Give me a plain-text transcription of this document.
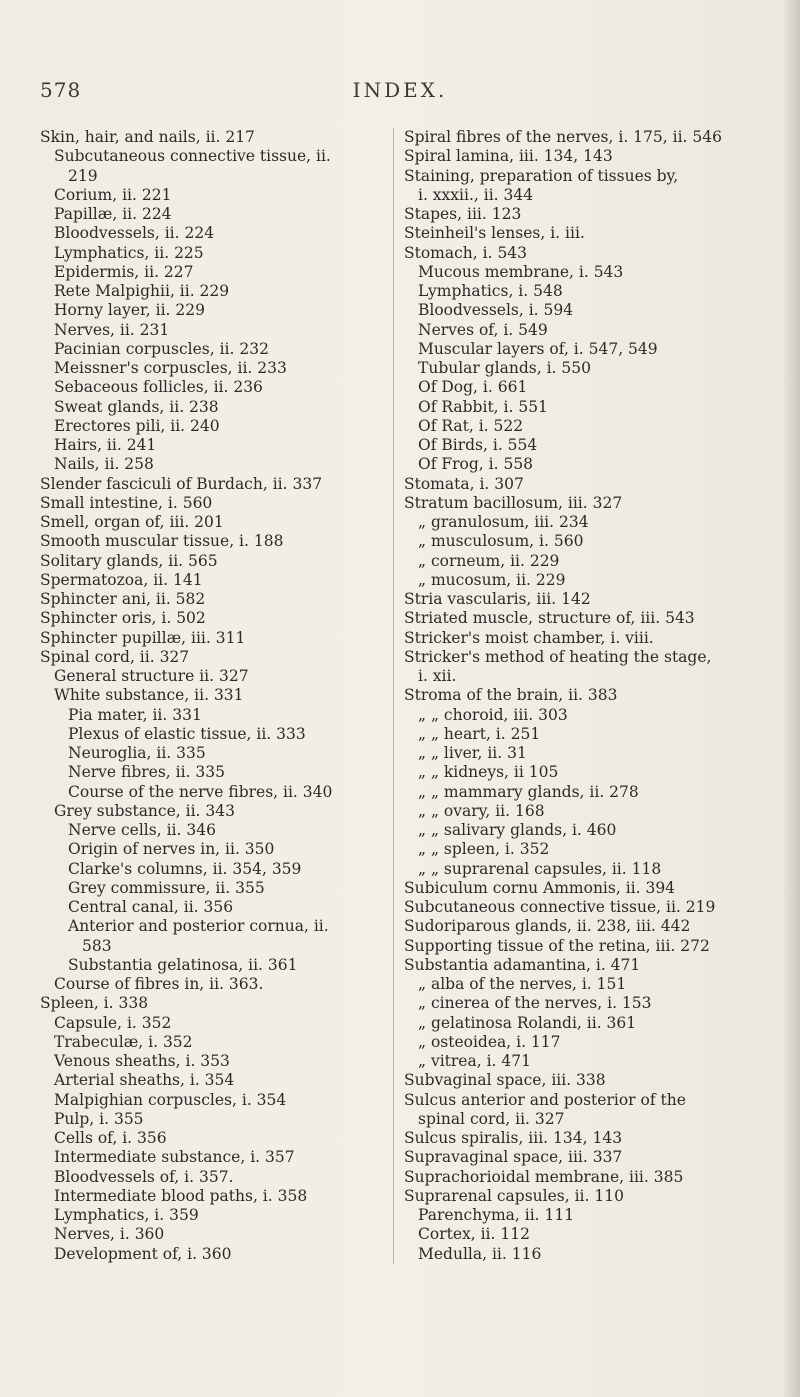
578	INDEX.
Skin, hair, and nails, ii. 217
Subcutaneous connective tissue, ii.
219
Corium, ii. 221
Papillæ, ii. 224
Bloodvessels, ii. 224
Lymphatics, ii. 225
Epidermis, ii. 227
Rete Malpighii, ii. 229
Horny layer, ii. 229
Nerves, ii. 231
Pacinian corpuscles, ii. 232
Meissner's corpuscles, ii. 233
Sebaceous follicles, ii. 236
Sweat glands, ii. 238
Erectores pili, ii. 240
Hairs, ii. 241
Nails, ii. 258
Slender fasciculi of Burdach, ii. 337
Small intestine, i. 560
Smell, organ of, iii. 201
Smooth muscular tissue, i. 188
Solitary glands, ii. 565
Spermatozoa, ii. 141
Sphincter ani, ii. 582
Sphincter oris, i. 502
Sphincter pupillæ, iii. 311
Spinal cord, ii. 327
General structure ii. 327
White substance, ii. 331
Pia mater, ii. 331
Plexus of elastic tissue, ii. 333
Neuroglia, ii. 335
Nerve fibres, ii. 335
Course of the nerve fibres, ii. 340
Grey substance, ii. 343
Nerve cells, ii. 346
Origin of nerves in, ii. 350
Clarke's columns, ii. 354, 359
Grey commissure, ii. 355
Central canal, ii. 356
Anterior and posterior cornua, ii.
583
Substantia gelatinosa, ii. 361
Course of fibres in, ii. 363.
Spleen, i. 338
Capsule, i. 352
Trabeculæ, i. 352
Venous sheaths, i. 353
Arterial sheaths, i. 354
Malpighian corpuscles, i. 354
Pulp, i. 355
Cells of, i. 356
Intermediate substance, i. 357
Bloodvessels of, i. 357.
Intermediate blood paths, i. 358
Lymphatics, i. 359
Nerves, i. 360
Development of, i. 360
Spiral fibres of the nerves, i. 175, ii. 546
Spiral lamina, iii. 134, 143
Staining, preparation of tissues by,
i. xxxii., ii. 344
Stapes, iii. 123
Steinheil's lenses, i. iii.
Stomach, i. 543
Mucous membrane, i. 543
Lymphatics, i. 548
Bloodvessels, i. 594
Nerves of, i. 549
Muscular layers of, i. 547, 549
Tubular glands, i. 550
Of Dog, i. 661
Of Rabbit, i. 551
Of Rat, i. 522
Of Birds, i. 554
Of Frog, i. 558
Stomata, i. 307
Stratum bacillosum, iii. 327
„ granulosum, iii. 234
„ musculosum, i. 560
„ corneum, ii. 229
„ mucosum, ii. 229
Stria vascularis, iii. 142
Striated muscle, structure of, iii. 543
Stricker's moist chamber, i. viii.
Stricker's method of heating the stage,
i. xii.
Stroma of the brain, ii. 383
„ „ choroid, iii. 303
„ „ heart, i. 251
„ „ liver, ii. 31
„ „ kidneys, ii 105
„ „ mammary glands, ii. 278
„ „ ovary, ii. 168
„ „ salivary glands, i. 460
„ „ spleen, i. 352
„ „ suprarenal capsules, ii. 118
Subiculum cornu Ammonis, ii. 394
Subcutaneous connective tissue, ii. 219
Sudoriparous glands, ii. 238, iii. 442
Supporting tissue of the retina, iii. 272
Substantia adamantina, i. 471
„ alba of the nerves, i. 151
„ cinerea of the nerves, i. 153
„ gelatinosa Rolandi, ii. 361
„ osteoidea, i. 117
„ vitrea, i. 471
Subvaginal space, iii. 338
Sulcus anterior and posterior of the
spinal cord, ii. 327
Sulcus spiralis, iii. 134, 143
Supravaginal space, iii. 337
Suprachorioidal membrane, iii. 385
Suprarenal capsules, ii. 110
Parenchyma, ii. 111
Cortex, ii. 112
Medulla, ii. 116
